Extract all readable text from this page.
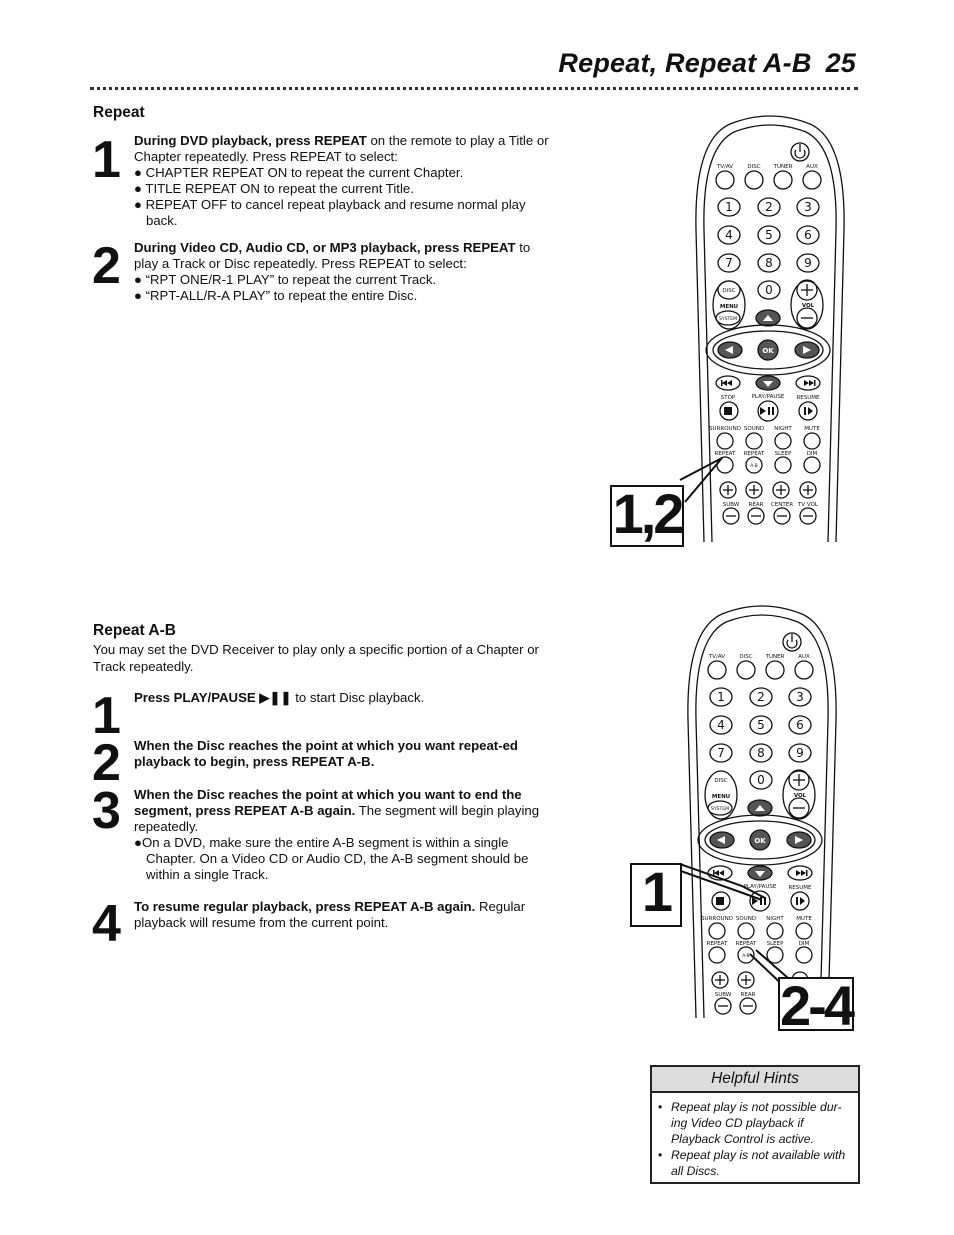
Repeat, Repeat A-B 25
Repeat
1 During DVD playback, press REPEAT on the remote to play a Title or Chapter repeatedly. Press REPEAT to select:
● CHAPTER REPEAT ON to repeat the current Chapter.
● TITLE REPEAT ON to repeat the current Title.
● REPEAT OFF to cancel repeat playback and resume normal play back.
2 During Video CD, Audio CD, or MP3 playback, press REPEAT to play a Track or Disc repeatedly. Press REPEAT to select:
● “RPT ONE/R-1 PLAY” to repeat the current Track.
● “RPT-ALL/R-A PLAY” to repeat the entire Disc.
Repeat A-B
You may set the DVD Receiver to play only a specific portion of a Chapter or Track repeatedly.
1 Press PLAY/PAUSE ▶❚❚ to start Disc playback.
2 When the Disc reaches the point at which you want repeat-ed playback to begin, press REPEAT A-B.
3 When the Disc reaches the point at which you want to end the segment, press REPEAT A-B again. The segment will begin playing repeatedly.
●On a DVD, make sure the entire A-B segment is within a single Chapter. On a Video CD or Audio CD, the A-B segment should be within a single Track.
4 To resume regular playback, press REPEAT A-B again. Regular playback will resume from the current point.
OK
TV/AV	DISC TUNER	AUX
DISC
MENU
SYSTEM
VOL
STOP	PLAY/PAUSE RESUME
SURROUND SOUND NIGHT MUTE
REPEAT REPEAT SLEEP	DIM
A-B
SUBW REAR CENTER TV VOL
1	2	3
4	5	6
7	8	9
0
1,2
OK
TV/AV	DISC TUNER	AUX
DISC
MENU
SYSTEM
VOL
PLAY/PAUSE RESUME
SURROUND SOUND NIGHT MUTE
REPEAT REPEAT SLEEP	DIM
A-B
SUBW REAR
1	2	3
4	5	6
7	8	9
0
1
2-4
Helpful Hints
• Repeat play is not possible dur-ing Video CD playback if Playback Control is active.
• Repeat play is not available with all Discs.
